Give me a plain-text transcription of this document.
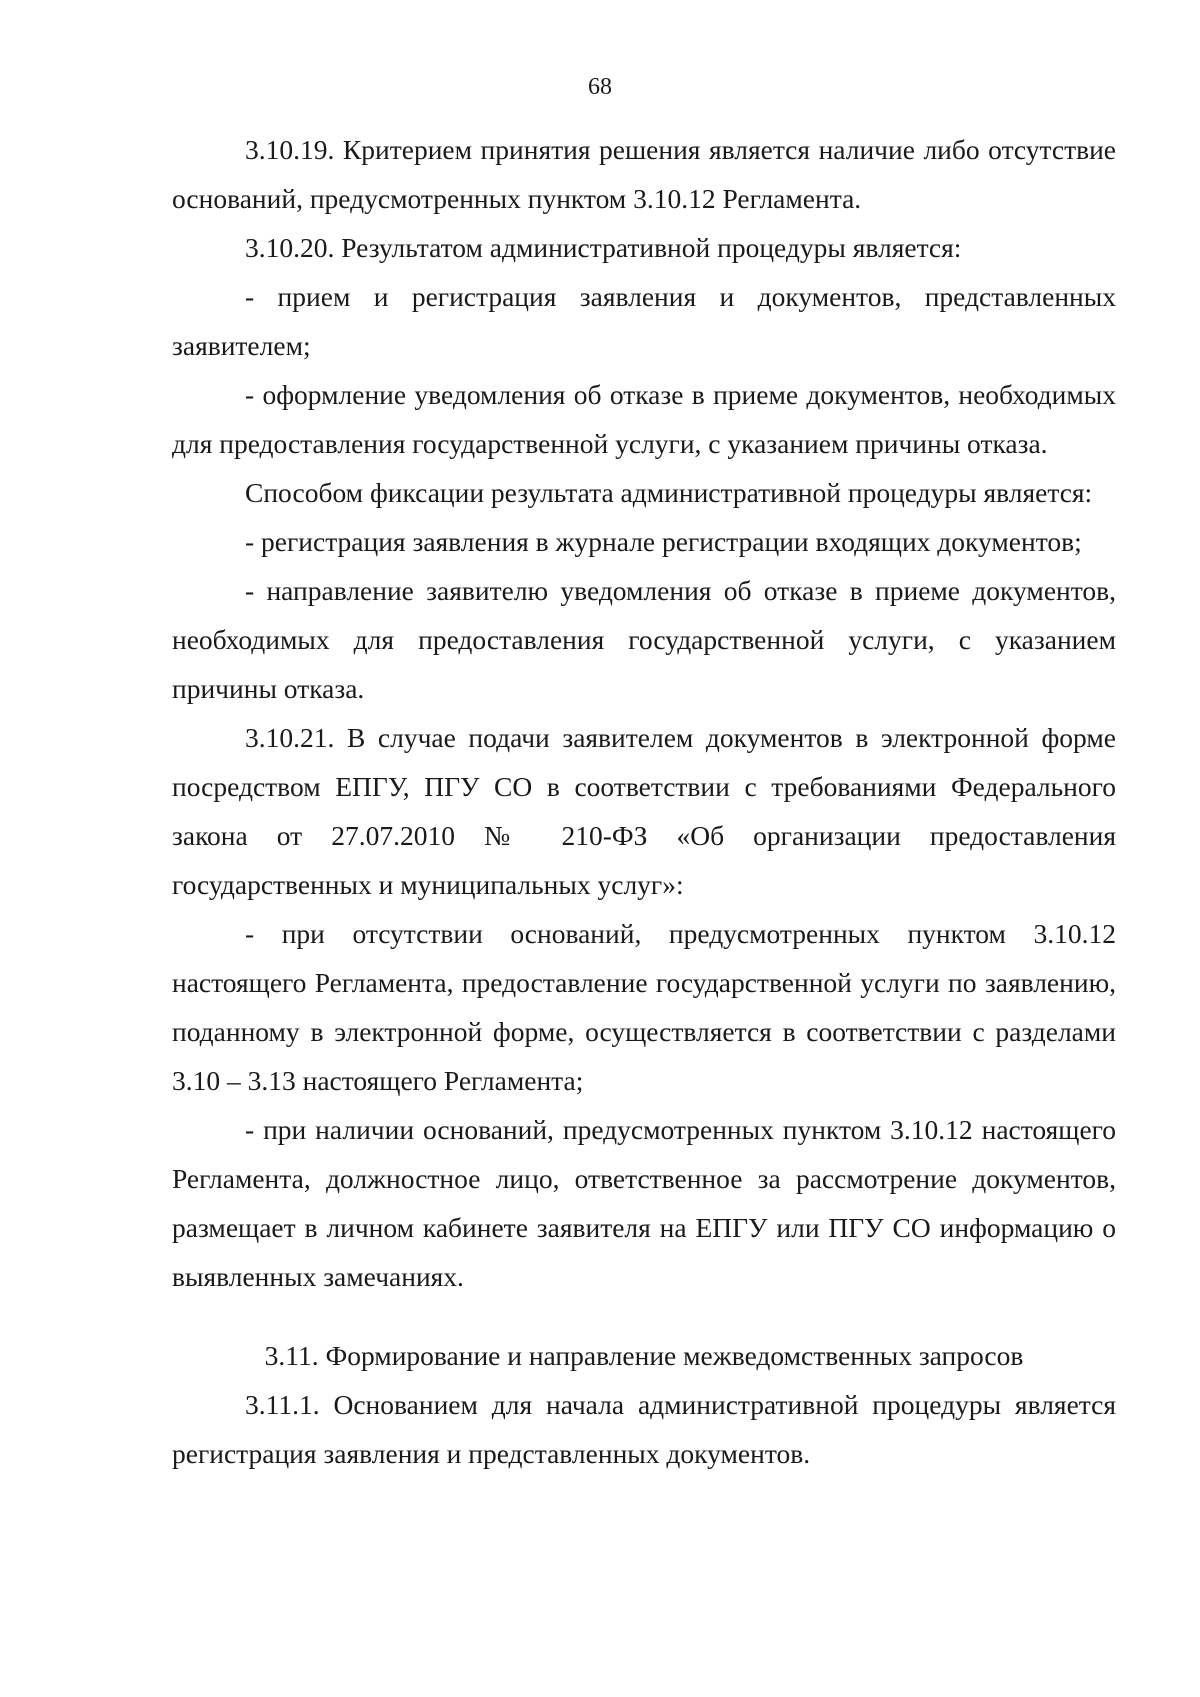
68

3.10.19. Критерием принятия решения является наличие либо отсутствие оснований, предусмотренных пунктом 3.10.12 Регламента.

3.10.20. Результатом административной процедуры является:

- прием и регистрация заявления и документов, представленных заявителем;

- оформление уведомления об отказе в приеме документов, необходимых для предоставления государственной услуги, с указанием причины отказа.

Способом фиксации результата административной процедуры является:

- регистрация заявления в журнале регистрации входящих документов;

- направление заявителю уведомления об отказе в приеме документов, необходимых для предоставления государственной услуги, с указанием причины отказа.

3.10.21. В случае подачи заявителем документов в электронной форме посредством ЕПГУ, ПГУ СО в соответствии с требованиями Федерального закона от 27.07.2010 № 210-ФЗ «Об организации предоставления государственных и муниципальных услуг»:

- при отсутствии оснований, предусмотренных пунктом 3.10.12 настоящего Регламента, предоставление государственной услуги по заявлению, поданному в электронной форме, осуществляется в соответствии с разделами 3.10 – 3.13 настоящего Регламента;

- при наличии оснований, предусмотренных пунктом 3.10.12 настоящего Регламента, должностное лицо, ответственное за рассмотрение документов, размещает в личном кабинете заявителя на ЕПГУ или ПГУ СО информацию о выявленных замечаниях.

3.11. Формирование и направление межведомственных запросов

3.11.1. Основанием для начала административной процедуры является регистрация заявления и представленных документов.
